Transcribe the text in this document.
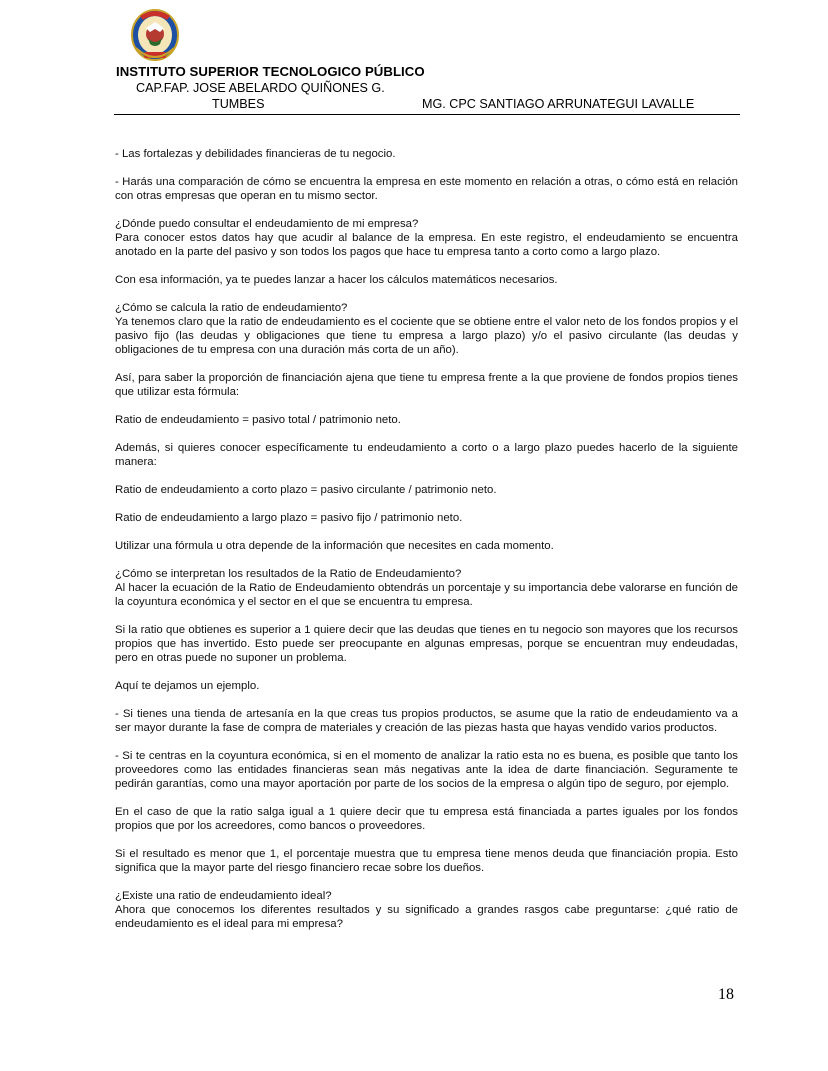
INSTITUTO SUPERIOR TECNOLOGICO PÚBLICO
CAP.FAP. JOSE ABELARDO QUIÑONES G.
TUMBES	MG. CPC SANTIAGO ARRUNATEGUI LAVALLE

- Las fortalezas y debilidades financieras de tu negocio.

- Harás una comparación de cómo se encuentra la empresa en este momento en relación a otras, o cómo está en relación con otras empresas que operan en tu mismo sector.

¿Dónde puedo consultar el endeudamiento de mi empresa?
Para conocer estos datos hay que acudir al balance de la empresa. En este registro, el endeudamiento se encuentra anotado en la parte del pasivo y son todos los pagos que hace tu empresa tanto a corto como a largo plazo.

Con esa información, ya te puedes lanzar a hacer los cálculos matemáticos necesarios.

¿Cómo se calcula la ratio de endeudamiento?
Ya tenemos claro que la ratio de endeudamiento es el cociente que se obtiene entre el valor neto de los fondos propios y el pasivo fijo (las deudas y obligaciones que tiene tu empresa a largo plazo) y/o el pasivo circulante (las deudas y obligaciones de tu empresa con una duración más corta de un año).

Así, para saber la proporción de financiación ajena que tiene tu empresa frente a la que proviene de fondos propios tienes que utilizar esta fórmula:

Ratio de endeudamiento = pasivo total / patrimonio neto.

Además, si quieres conocer específicamente tu endeudamiento a corto o a largo plazo puedes hacerlo de la siguiente manera:

Ratio de endeudamiento a corto plazo = pasivo circulante / patrimonio neto.

Ratio de endeudamiento a largo plazo = pasivo fijo / patrimonio neto.

Utilizar una fórmula u otra depende de la información que necesites en cada momento.

¿Cómo se interpretan los resultados de la Ratio de Endeudamiento?
Al hacer la ecuación de la Ratio de Endeudamiento obtendrás un porcentaje y su importancia debe valorarse en función de la coyuntura económica y el sector en el que se encuentra tu empresa.

Si la ratio que obtienes es superior a 1 quiere decir que las deudas que tienes en tu negocio son mayores que los recursos propios que has invertido. Esto puede ser preocupante en algunas empresas, porque se encuentran muy endeudadas, pero en otras puede no suponer un problema.

Aquí te dejamos un ejemplo.

- Si tienes una tienda de artesanía en la que creas tus propios productos, se asume que la ratio de endeudamiento va a ser mayor durante la fase de compra de materiales y creación de las piezas hasta que hayas vendido varios productos.

- Si te centras en la coyuntura económica, si en el momento de analizar la ratio esta no es buena, es posible que tanto los proveedores como las entidades financieras sean más negativas ante la idea de darte financiación. Seguramente te pedirán garantías, como una mayor aportación por parte de los socios de la empresa o algún tipo de seguro, por ejemplo.

En el caso de que la ratio salga igual a 1 quiere decir que tu empresa está financiada a partes iguales por los fondos propios que por los acreedores, como bancos o proveedores.

Si el resultado es menor que 1, el porcentaje muestra que tu empresa tiene menos deuda que financiación propia. Esto significa que la mayor parte del riesgo financiero recae sobre los dueños.

¿Existe una ratio de endeudamiento ideal?
Ahora que conocemos los diferentes resultados y su significado a grandes rasgos cabe preguntarse: ¿qué ratio de endeudamiento es el ideal para mi empresa?

18
